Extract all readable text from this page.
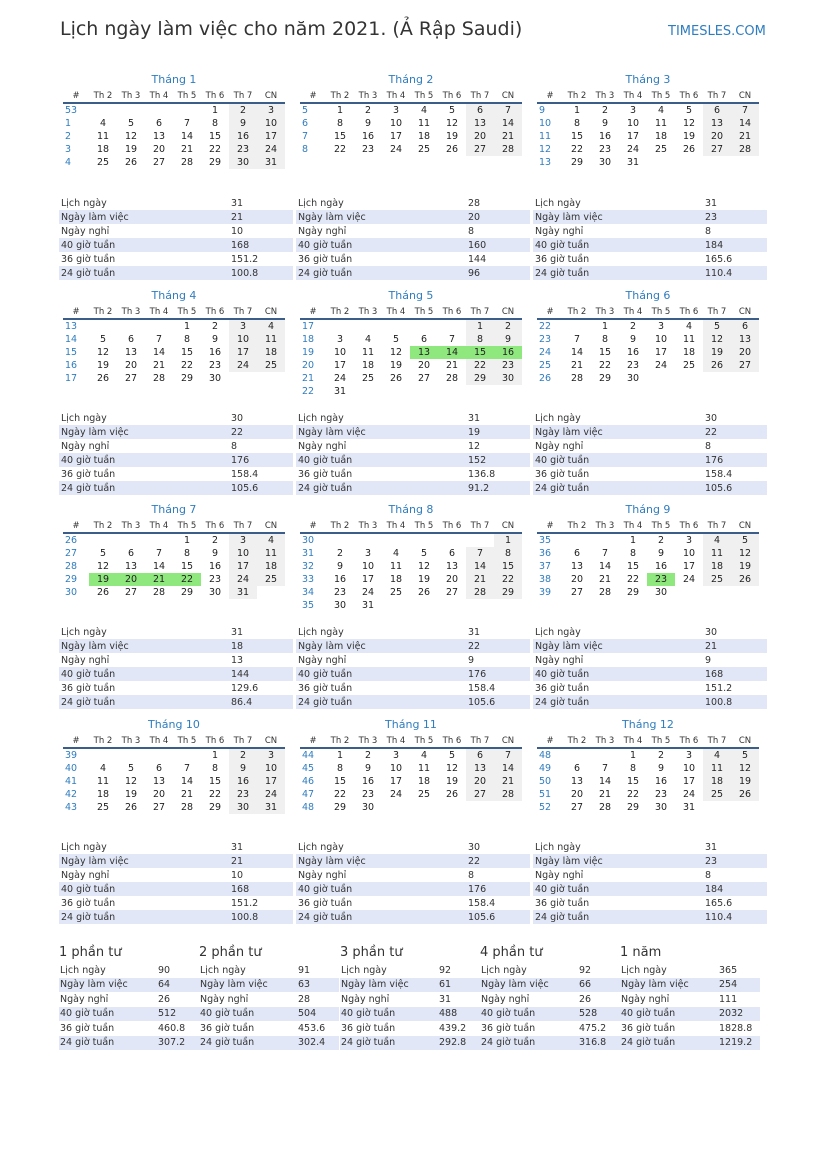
Lịch ngày làm việc cho năm 2021. (Ả Rập Saudi)	TIMESLES.COM
Tháng 1
#	Th 2	Th 3	Th 4	Th 5	Th 6	Th 7	CN
53					1	2	3
1	4	5	6	7	8	9	10
2	11	12	13	14	15	16	17
3	18	19	20	21	22	23	24
4	25	26	27	28	29	30	31
Lịch ngày	31
Ngày làm việc	21
Ngày nghỉ	10
40 giờ tuần	168
36 giờ tuần	151.2
24 giờ tuần	100.8
Tháng 2
#	Th 2	Th 3	Th 4	Th 5	Th 6	Th 7	CN
5	1	2	3	4	5	6	7
6	8	9	10	11	12	13	14
7	15	16	17	18	19	20	21
8	22	23	24	25	26	27	28
Lịch ngày	28
Ngày làm việc	20
Ngày nghỉ	8
40 giờ tuần	160
36 giờ tuần	144
24 giờ tuần	96
Tháng 3
#	Th 2	Th 3	Th 4	Th 5	Th 6	Th 7	CN
9	1	2	3	4	5	6	7
10	8	9	10	11	12	13	14
11	15	16	17	18	19	20	21
12	22	23	24	25	26	27	28
13	29	30	31				
Lịch ngày	31
Ngày làm việc	23
Ngày nghỉ	8
40 giờ tuần	184
36 giờ tuần	165.6
24 giờ tuần	110.4
Tháng 4
#	Th 2	Th 3	Th 4	Th 5	Th 6	Th 7	CN
13				1	2	3	4
14	5	6	7	8	9	10	11
15	12	13	14	15	16	17	18
16	19	20	21	22	23	24	25
17	26	27	28	29	30		
Lịch ngày	30
Ngày làm việc	22
Ngày nghỉ	8
40 giờ tuần	176
36 giờ tuần	158.4
24 giờ tuần	105.6
Tháng 5
#	Th 2	Th 3	Th 4	Th 5	Th 6	Th 7	CN
17						1	2
18	3	4	5	6	7	8	9
19	10	11	12	13	14	15	16
20	17	18	19	20	21	22	23
21	24	25	26	27	28	29	30
22	31						
Lịch ngày	31
Ngày làm việc	19
Ngày nghỉ	12
40 giờ tuần	152
36 giờ tuần	136.8
24 giờ tuần	91.2
Tháng 6
#	Th 2	Th 3	Th 4	Th 5	Th 6	Th 7	CN
22		1	2	3	4	5	6
23	7	8	9	10	11	12	13
24	14	15	16	17	18	19	20
25	21	22	23	24	25	26	27
26	28	29	30				
Lịch ngày	30
Ngày làm việc	22
Ngày nghỉ	8
40 giờ tuần	176
36 giờ tuần	158.4
24 giờ tuần	105.6
Tháng 7
#	Th 2	Th 3	Th 4	Th 5	Th 6	Th 7	CN
26				1	2	3	4
27	5	6	7	8	9	10	11
28	12	13	14	15	16	17	18
29	19	20	21	22	23	24	25
30	26	27	28	29	30	31	
Lịch ngày	31
Ngày làm việc	18
Ngày nghỉ	13
40 giờ tuần	144
36 giờ tuần	129.6
24 giờ tuần	86.4
Tháng 8
#	Th 2	Th 3	Th 4	Th 5	Th 6	Th 7	CN
30							1
31	2	3	4	5	6	7	8
32	9	10	11	12	13	14	15
33	16	17	18	19	20	21	22
34	23	24	25	26	27	28	29
35	30	31					
Lịch ngày	31
Ngày làm việc	22
Ngày nghỉ	9
40 giờ tuần	176
36 giờ tuần	158.4
24 giờ tuần	105.6
Tháng 9
#	Th 2	Th 3	Th 4	Th 5	Th 6	Th 7	CN
35			1	2	3	4	5
36	6	7	8	9	10	11	12
37	13	14	15	16	17	18	19
38	20	21	22	23	24	25	26
39	27	28	29	30			
Lịch ngày	30
Ngày làm việc	21
Ngày nghỉ	9
40 giờ tuần	168
36 giờ tuần	151.2
24 giờ tuần	100.8
Tháng 10
#	Th 2	Th 3	Th 4	Th 5	Th 6	Th 7	CN
39					1	2	3
40	4	5	6	7	8	9	10
41	11	12	13	14	15	16	17
42	18	19	20	21	22	23	24
43	25	26	27	28	29	30	31
Lịch ngày	31
Ngày làm việc	21
Ngày nghỉ	10
40 giờ tuần	168
36 giờ tuần	151.2
24 giờ tuần	100.8
Tháng 11
#	Th 2	Th 3	Th 4	Th 5	Th 6	Th 7	CN
44	1	2	3	4	5	6	7
45	8	9	10	11	12	13	14
46	15	16	17	18	19	20	21
47	22	23	24	25	26	27	28
48	29	30					
Lịch ngày	30
Ngày làm việc	22
Ngày nghỉ	8
40 giờ tuần	176
36 giờ tuần	158.4
24 giờ tuần	105.6
Tháng 12
#	Th 2	Th 3	Th 4	Th 5	Th 6	Th 7	CN
48			1	2	3	4	5
49	6	7	8	9	10	11	12
50	13	14	15	16	17	18	19
51	20	21	22	23	24	25	26
52	27	28	29	30	31		
Lịch ngày	31
Ngày làm việc	23
Ngày nghỉ	8
40 giờ tuần	184
36 giờ tuần	165.6
24 giờ tuần	110.4
1 phần tư
Lịch ngày	90
Ngày làm việc	64
Ngày nghỉ	26
40 giờ tuần	512
36 giờ tuần	460.8
24 giờ tuần	307.2
2 phần tư
Lịch ngày	91
Ngày làm việc	63
Ngày nghỉ	28
40 giờ tuần	504
36 giờ tuần	453.6
24 giờ tuần	302.4
3 phần tư
Lịch ngày	92
Ngày làm việc	61
Ngày nghỉ	31
40 giờ tuần	488
36 giờ tuần	439.2
24 giờ tuần	292.8
4 phần tư
Lịch ngày	92
Ngày làm việc	66
Ngày nghỉ	26
40 giờ tuần	528
36 giờ tuần	475.2
24 giờ tuần	316.8
1 năm
Lịch ngày	365
Ngày làm việc	254
Ngày nghỉ	111
40 giờ tuần	2032
36 giờ tuần	1828.8
24 giờ tuần	1219.2
